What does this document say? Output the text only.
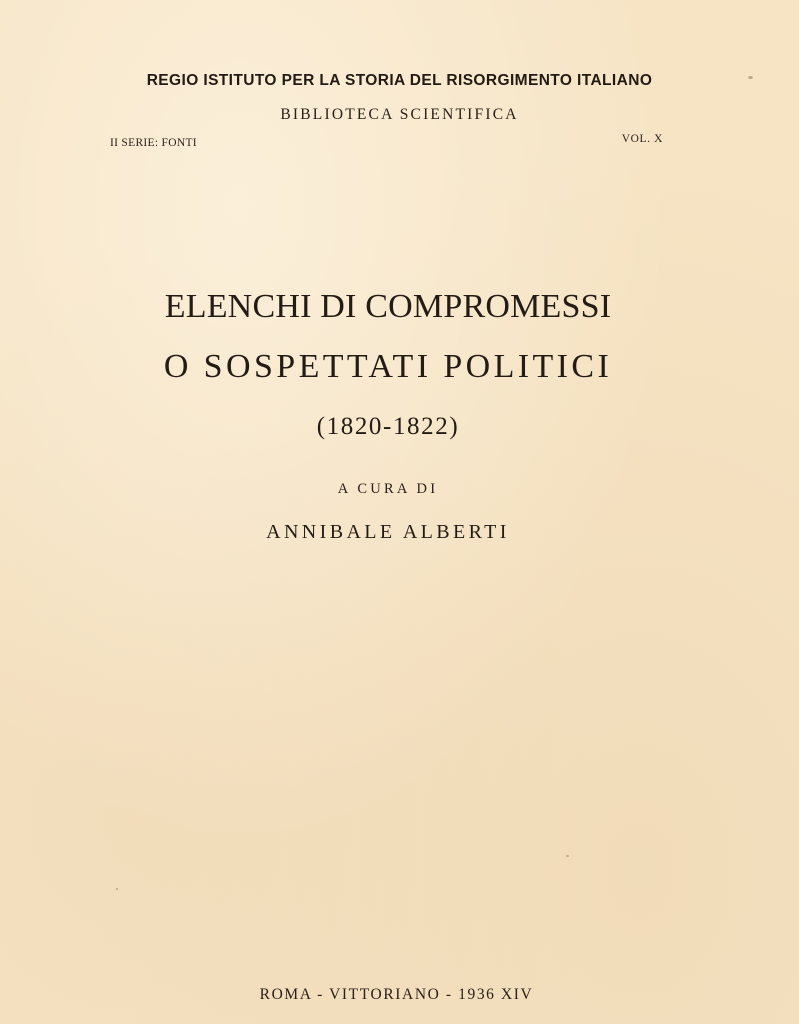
REGIO ISTITUTO PER LA STORIA DEL RISORGIMENTO ITALIANO
BIBLIOTECA SCIENTIFICA
II SERIE: FONTI	VOL. X
ELENCHI DI COMPROMESSI
O SOSPETTATI POLITICI
(1820-1822)
A CURA DI
ANNIBALE ALBERTI
ROMA - VITTORIANO - 1936 XIV
